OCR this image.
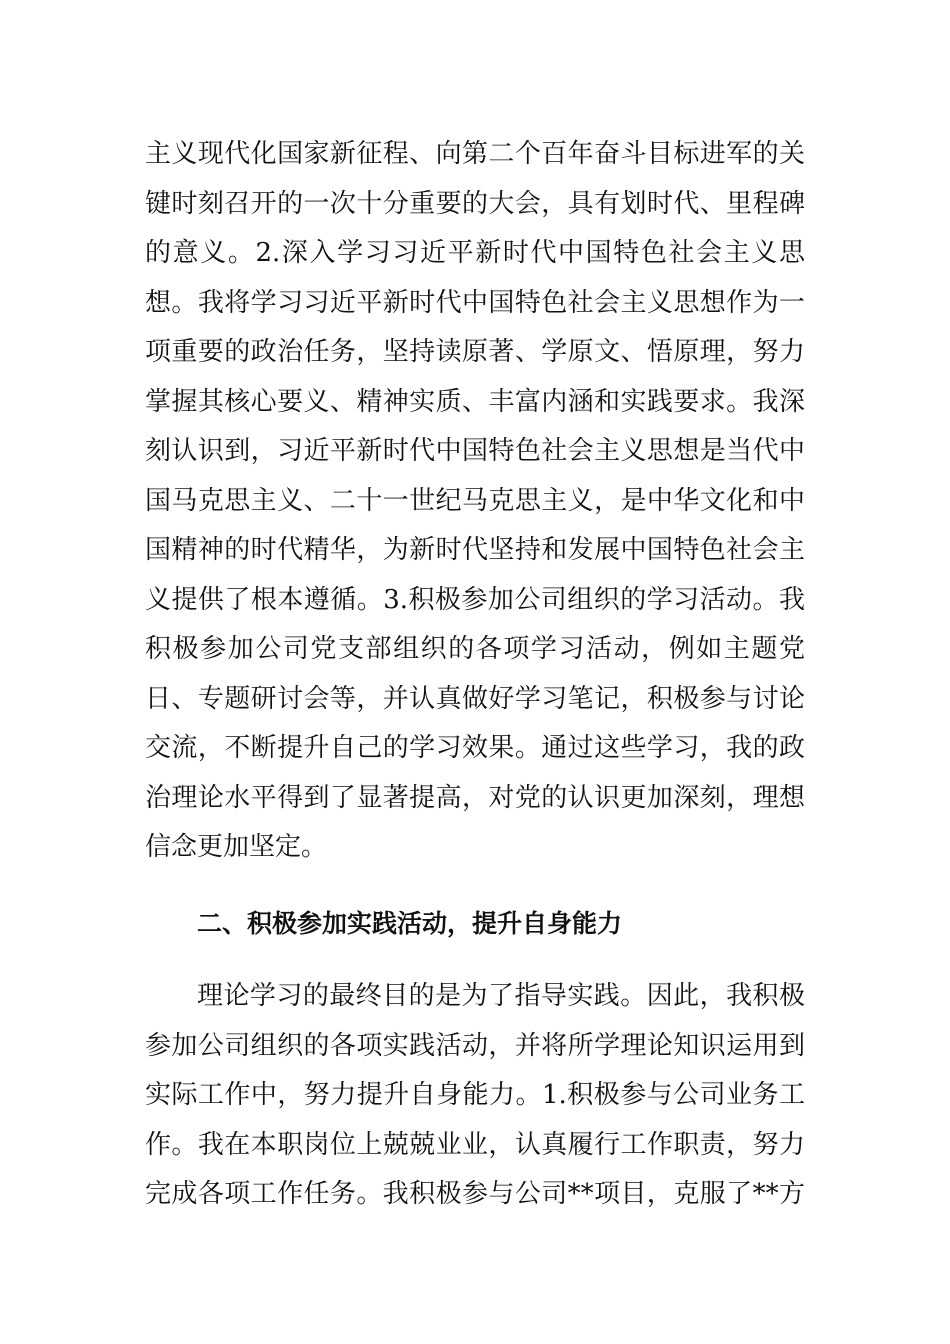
主义现代化国家新征程、向第二个百年奋斗目标进军的关
键时刻召开的一次十分重要的大会，具有划时代、里程碑
的意义。2.深入学习习近平新时代中国特色社会主义思
想。我将学习习近平新时代中国特色社会主义思想作为一
项重要的政治任务，坚持读原著、学原文、悟原理，努力
掌握其核心要义、精神实质、丰富内涵和实践要求。我深
刻认识到，习近平新时代中国特色社会主义思想是当代中
国马克思主义、二十一世纪马克思主义，是中华文化和中
国精神的时代精华，为新时代坚持和发展中国特色社会主
义提供了根本遵循。3.积极参加公司组织的学习活动。我
积极参加公司党支部组织的各项学习活动，例如主题党
日、专题研讨会等，并认真做好学习笔记，积极参与讨论
交流，不断提升自己的学习效果。通过这些学习，我的政
治理论水平得到了显著提高，对党的认识更加深刻，理想
信念更加坚定。
二、积极参加实践活动，提升自身能力
理论学习的最终目的是为了指导实践。因此，我积极
参加公司组织的各项实践活动，并将所学理论知识运用到
实际工作中，努力提升自身能力。1.积极参与公司业务工
作。我在本职岗位上兢兢业业，认真履行工作职责，努力
完成各项工作任务。我积极参与公司**项目，克服了**方
